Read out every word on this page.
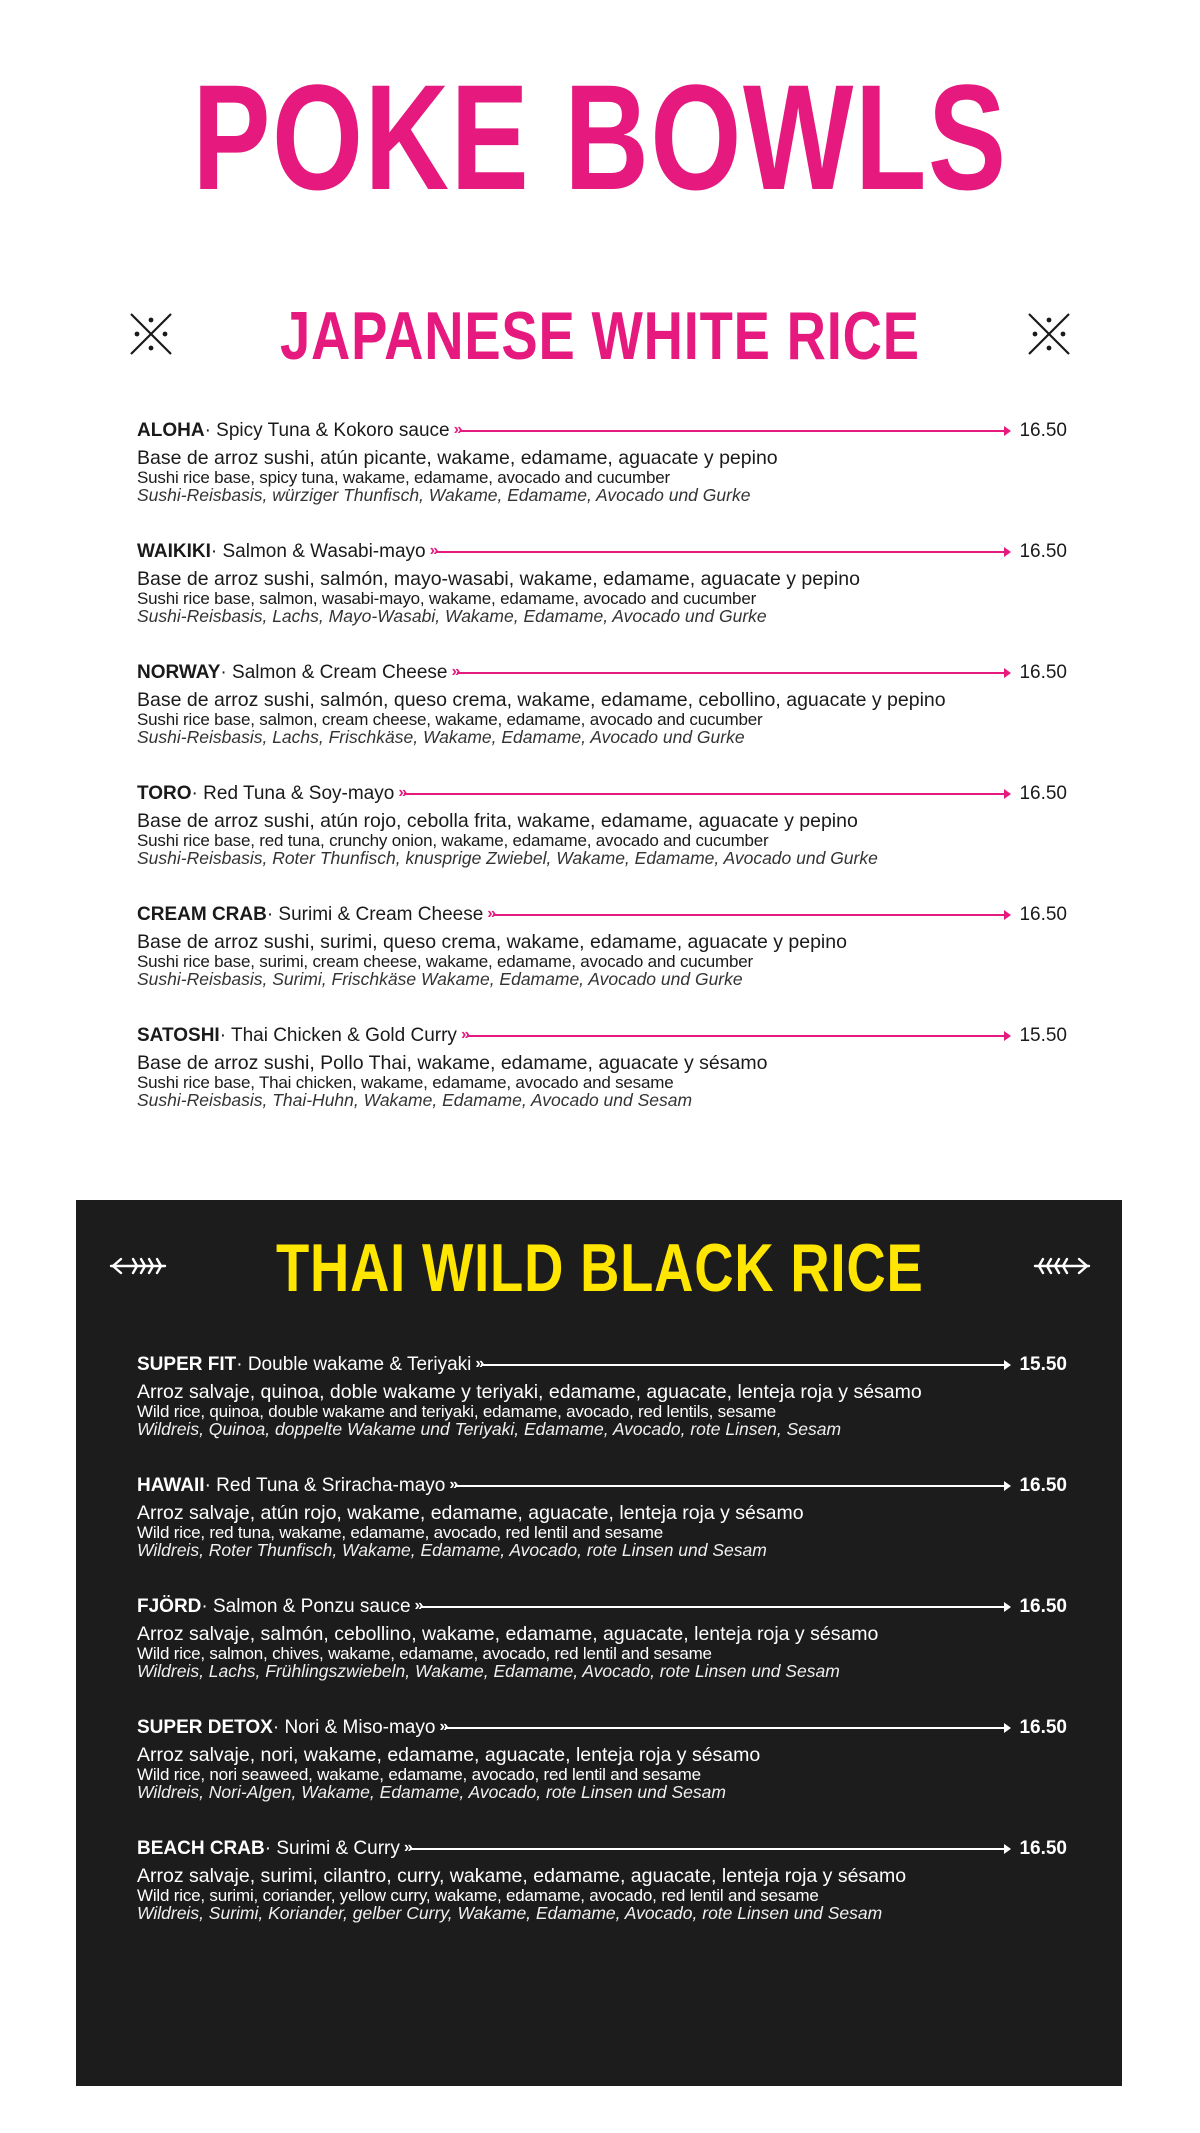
POKE BOWLS
JAPANESE WHITE RICE
ALOHA · Spicy Tuna & Kokoro sauce »	16.50
Base de arroz sushi, atún picante, wakame, edamame, aguacate y pepino
Sushi rice base, spicy tuna, wakame, edamame, avocado and cucumber
Sushi-Reisbasis, würziger Thunfisch, Wakame, Edamame, Avocado und Gurke
WAIKIKI · Salmon & Wasabi-mayo »	16.50
Base de arroz sushi, salmón, mayo-wasabi, wakame, edamame, aguacate y pepino
Sushi rice base, salmon, wasabi-mayo, wakame, edamame, avocado and cucumber
Sushi-Reisbasis, Lachs, Mayo-Wasabi, Wakame, Edamame, Avocado und Gurke
NORWAY · Salmon & Cream Cheese »	16.50
Base de arroz sushi, salmón, queso crema, wakame, edamame, cebollino, aguacate y pepino
Sushi rice base, salmon, cream cheese, wakame, edamame, avocado and cucumber
Sushi-Reisbasis, Lachs, Frischkäse, Wakame, Edamame, Avocado und Gurke
TORO · Red Tuna & Soy-mayo »	16.50
Base de arroz sushi, atún rojo, cebolla frita, wakame, edamame, aguacate y pepino
Sushi rice base, red tuna, crunchy onion, wakame, edamame, avocado and cucumber
Sushi-Reisbasis, Roter Thunfisch, knusprige Zwiebel, Wakame, Edamame, Avocado und Gurke
CREAM CRAB · Surimi & Cream Cheese »	16.50
Base de arroz sushi, surimi, queso crema, wakame, edamame, aguacate y pepino
Sushi rice base, surimi, cream cheese, wakame, edamame, avocado and cucumber
Sushi-Reisbasis, Surimi, Frischkäse Wakame, Edamame, Avocado und Gurke
SATOSHI · Thai Chicken & Gold Curry »	15.50
Base de arroz sushi, Pollo Thai, wakame, edamame, aguacate y sésamo
Sushi rice base, Thai chicken, wakame, edamame, avocado and sesame
Sushi-Reisbasis, Thai-Huhn, Wakame, Edamame, Avocado und Sesam
THAI WILD BLACK RICE
SUPER FIT · Double wakame & Teriyaki »	15.50
Arroz salvaje, quinoa, doble wakame y teriyaki, edamame, aguacate, lenteja roja y sésamo
Wild rice, quinoa, double wakame and teriyaki, edamame, avocado, red lentils, sesame
Wildreis, Quinoa, doppelte Wakame und Teriyaki, Edamame, Avocado, rote Linsen, Sesam
HAWAII · Red Tuna & Sriracha-mayo »	16.50
Arroz salvaje, atún rojo, wakame, edamame, aguacate, lenteja roja y sésamo
Wild rice, red tuna, wakame, edamame, avocado, red lentil and sesame
Wildreis, Roter Thunfisch, Wakame, Edamame, Avocado, rote Linsen und Sesam
FJÖRD · Salmon & Ponzu sauce »	16.50
Arroz salvaje, salmón, cebollino, wakame, edamame, aguacate, lenteja roja y sésamo
Wild rice, salmon, chives, wakame, edamame, avocado, red lentil and sesame
Wildreis, Lachs, Frühlingszwiebeln, Wakame, Edamame, Avocado, rote Linsen und Sesam
SUPER DETOX · Nori & Miso-mayo »	16.50
Arroz salvaje, nori, wakame, edamame, aguacate, lenteja roja y sésamo
Wild rice, nori seaweed, wakame, edamame, avocado, red lentil and sesame
Wildreis, Nori-Algen, Wakame, Edamame, Avocado, rote Linsen und Sesam
BEACH CRAB · Surimi & Curry »	16.50
Arroz salvaje, surimi, cilantro, curry, wakame, edamame, aguacate, lenteja roja y sésamo
Wild rice, surimi, coriander, yellow curry, wakame, edamame, avocado, red lentil and sesame
Wildreis, Surimi, Koriander, gelber Curry, Wakame, Edamame, Avocado, rote Linsen und Sesam
